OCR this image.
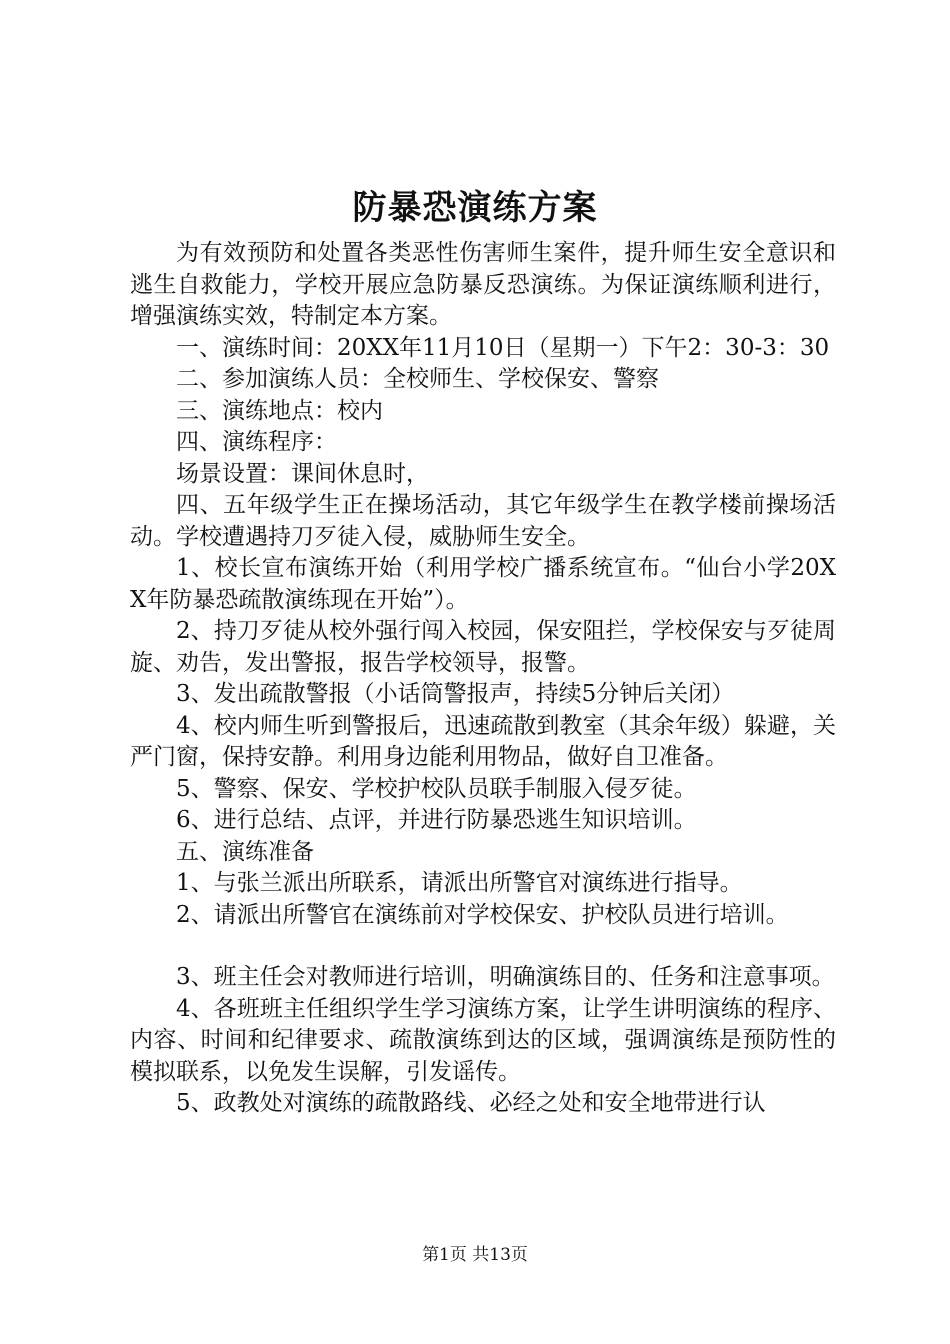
防暴恐演练方案

为有效预防和处置各类恶性伤害师生案件，提升师生安全意识和逃生自救能力，学校开展应急防暴反恐演练。为保证演练顺利进行，增强演练实效，特制定本方案。

一、演练时间：20XX年11月10日（星期一）下午2：30-3：30

二、参加演练人员：全校师生、学校保安、警察

三、演练地点：校内

四、演练程序：

场景设置：课间休息时，

四、五年级学生正在操场活动，其它年级学生在教学楼前操场活动。学校遭遇持刀歹徒入侵，威胁师生安全。

1、校长宣布演练开始（利用学校广播系统宣布。“仙台小学20XX年防暴恐疏散演练现在开始”）。

2、持刀歹徒从校外强行闯入校园，保安阻拦，学校保安与歹徒周旋、劝告，发出警报，报告学校领导，报警。

3、发出疏散警报（小话筒警报声，持续5分钟后关闭）

4、校内师生听到警报后，迅速疏散到教室（其余年级）躲避，关严门窗，保持安静。利用身边能利用物品，做好自卫准备。

5、警察、保安、学校护校队员联手制服入侵歹徒。

6、进行总结、点评，并进行防暴恐逃生知识培训。

五、演练准备

1、与张兰派出所联系，请派出所警官对演练进行指导。

2、请派出所警官在演练前对学校保安、护校队员进行培训。

3、班主任会对教师进行培训，明确演练目的、任务和注意事项。

4、各班班主任组织学生学习演练方案，让学生讲明演练的程序、内容、时间和纪律要求、疏散演练到达的区域，强调演练是预防性的模拟联系，以免发生误解，引发谣传。

5、政教处对演练的疏散路线、必经之处和安全地带进行认

第1页 共13页
